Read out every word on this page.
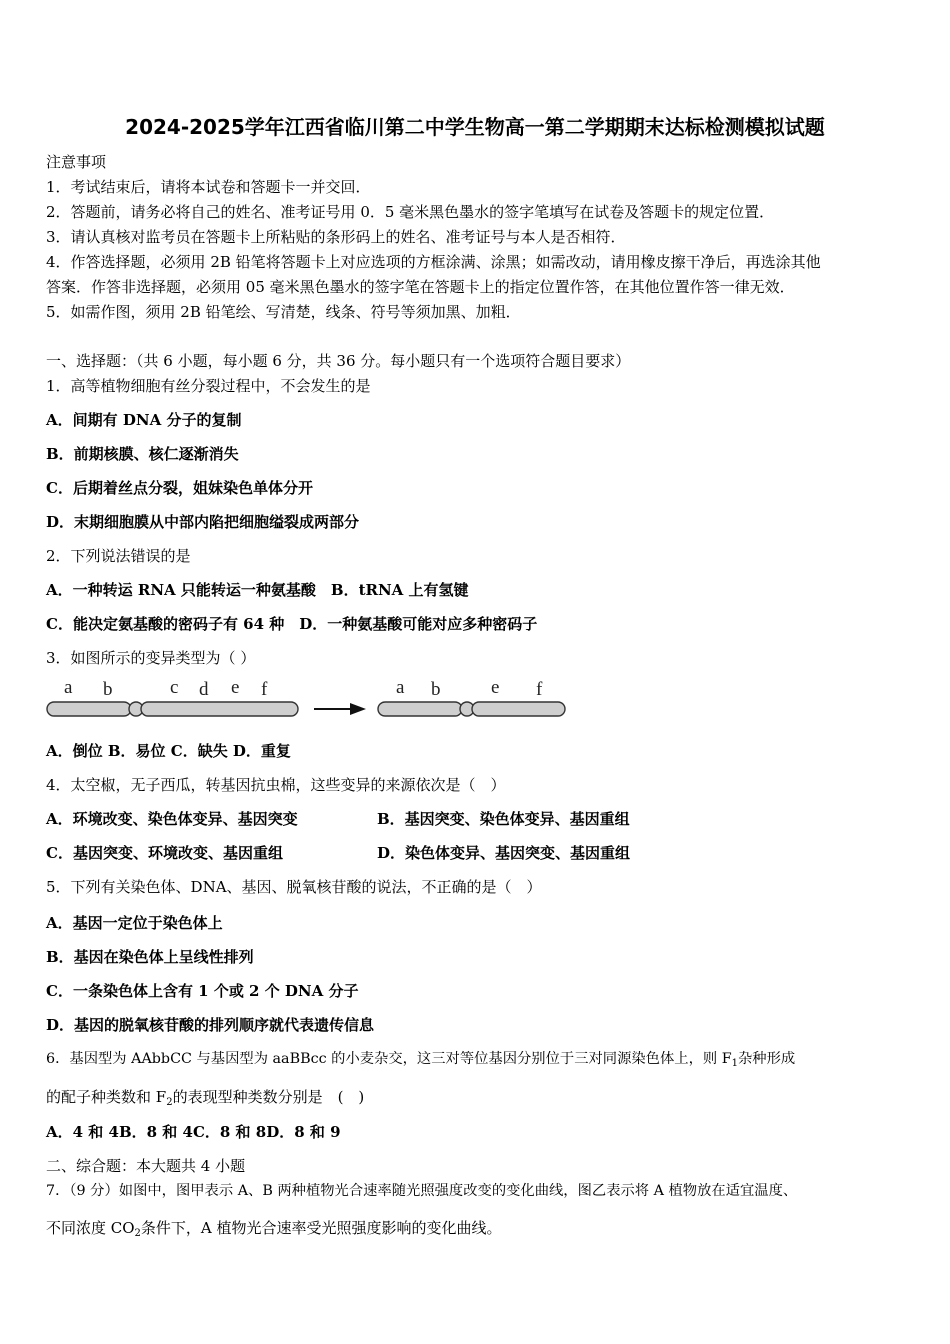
2024-2025学年江西省临川第二中学生物高一第二学期期末达标检测模拟试题
注意事项
1．考试结束后，请将本试卷和答题卡一并交回．
2．答题前，请务必将自己的姓名、准考证号用 0．5 毫米黑色墨水的签字笔填写在试卷及答题卡的规定位置．
3．请认真核对监考员在答题卡上所粘贴的条形码上的姓名、准考证号与本人是否相符．
4．作答选择题，必须用 2B 铅笔将答题卡上对应选项的方框涂满、涂黑；如需改动，请用橡皮擦干净后，再选涂其他
答案．作答非选择题，必须用 05 毫米黑色墨水的签字笔在答题卡上的指定位置作答，在其他位置作答一律无效．
5．如需作图，须用 2B 铅笔绘、写清楚，线条、符号等须加黑、加粗．
一、选择题：（共 6 小题，每小题 6 分，共 36 分。每小题只有一个选项符合题目要求）
1．高等植物细胞有丝分裂过程中，不会发生的是
A．间期有 DNA 分子的复制
B．前期核膜、核仁逐渐消失
C．后期着丝点分裂，姐妹染色单体分开
D．末期细胞膜从中部内陷把细胞缢裂成两部分
2．下列说法错误的是
A．一种转运 RNA 只能转运一种氨基酸　B．tRNA 上有氢键
C．能决定氨基酸的密码子有 64 种　D．一种氨基酸可能对应多种密码子
3．如图所示的变异类型为（ ）
a b	c d e f	a b	e f
A．倒位 B．易位 C．缺失 D．重复
4．太空椒，无子西瓜，转基因抗虫棉，这些变异的来源依次是（　）
A．环境改变、染色体变异、基因突变	B．基因突变、染色体变异、基因重组
C．基因突变、环境改变、基因重组	D．染色体变异、基因突变、基因重组
5．下列有关染色体、DNA、基因、脱氧核苷酸的说法，不正确的是（　）
A．基因一定位于染色体上
B．基因在染色体上呈线性排列
C．一条染色体上含有 1 个或 2 个 DNA 分子
D．基因的脱氧核苷酸的排列顺序就代表遗传信息
6．基因型为 AAbbCC 与基因型为 aaBBcc 的小麦杂交，这三对等位基因分别位于三对同源染色体上，则 $F_1$杂种形成
的配子种类数和 $F_2$的表现型种类数分别是　(　)
A．4 和 4B．8 和 4C．8 和 8D．8 和 9
二、综合题：本大题共 4 小题
7．（9 分）如图中，图甲表示 A、B 两种植物光合速率随光照强度改变的变化曲线，图乙表示将 A 植物放在适宜温度、
不同浓度 $CO_2$条件下，A 植物光合速率受光照强度影响的变化曲线。
